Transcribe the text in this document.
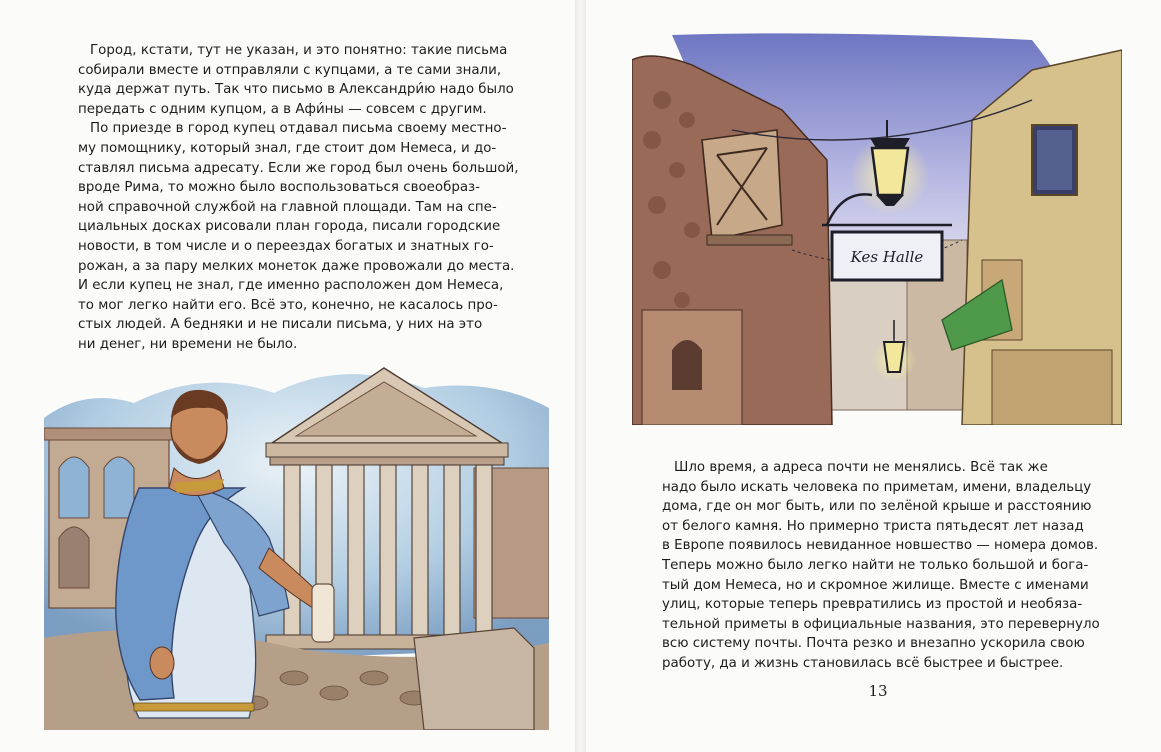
Город, кстати, тут не указан, и это понятно: такие письма
собирали вместе и отправляли с купцами, а те сами знали,
куда держат путь. Так что письмо в Александри́ю надо было
передать с одним купцом, а в Афи́ны — совсем с другим.
По приезде в город купец отдавал письма своему местно-
му помощнику, который знал, где стоит дом Немеса, и до-
ставлял письма адресату. Если же город был очень большой,
вроде Рима, то можно было воспользоваться своеобраз-
ной справочной службой на главной площади. Там на спе-
циальных досках рисовали план города, писали городские
новости, в том числе и о переездах богатых и знатных го-
рожан, а за пару мелких монеток даже провожали до места.
И если купец не знал, где именно расположен дом Немеса,
то мог легко найти его. Всё это, конечно, не касалось про-
стых людей. А бедняки и не писали письма, у них на это
ни денег, ни времени не было.
Kes Halle
Шло время, а адреса почти не менялись. Всё так же
надо было искать человека по приметам, имени, владельцу
дома, где он мог быть, или по зелёной крыше и расстоянию
от белого камня. Но примерно триста пятьдесят лет назад
в Европе появилось невиданное новшество — номера домов.
Теперь можно было легко найти не только большой и бога-
тый дом Немеса, но и скромное жилище. Вместе с именами
улиц, которые теперь превратились из простой и необяза-
тельной приметы в официальные названия, это перевернуло
всю систему почты. Почта резко и внезапно ускорила свою
работу, да и жизнь становилась всё быстрее и быстрее.
13
